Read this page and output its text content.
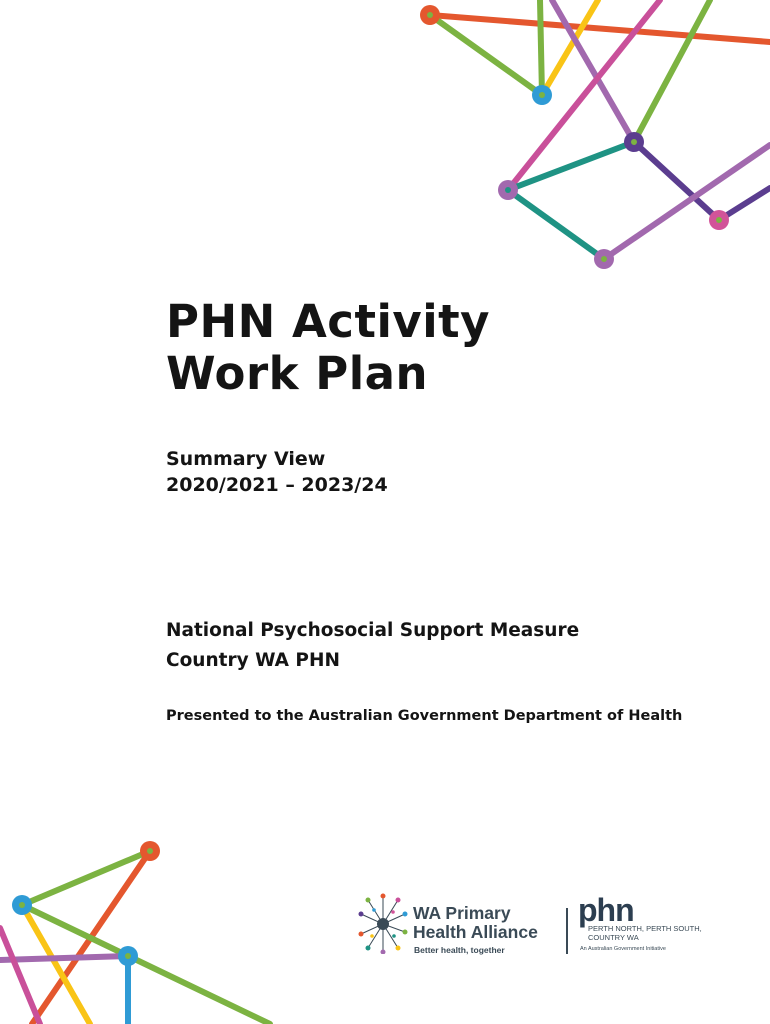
PHN Activity
Work Plan

Summary View
2020/2021 – 2023/24

National Psychosocial Support Measure
Country WA PHN

Presented to the Australian Government Department of Health

WA Primary
Health Alliance
Better health, together
phn
PERTH NORTH, PERTH SOUTH,
COUNTRY WA
An Australian Government Initiative
